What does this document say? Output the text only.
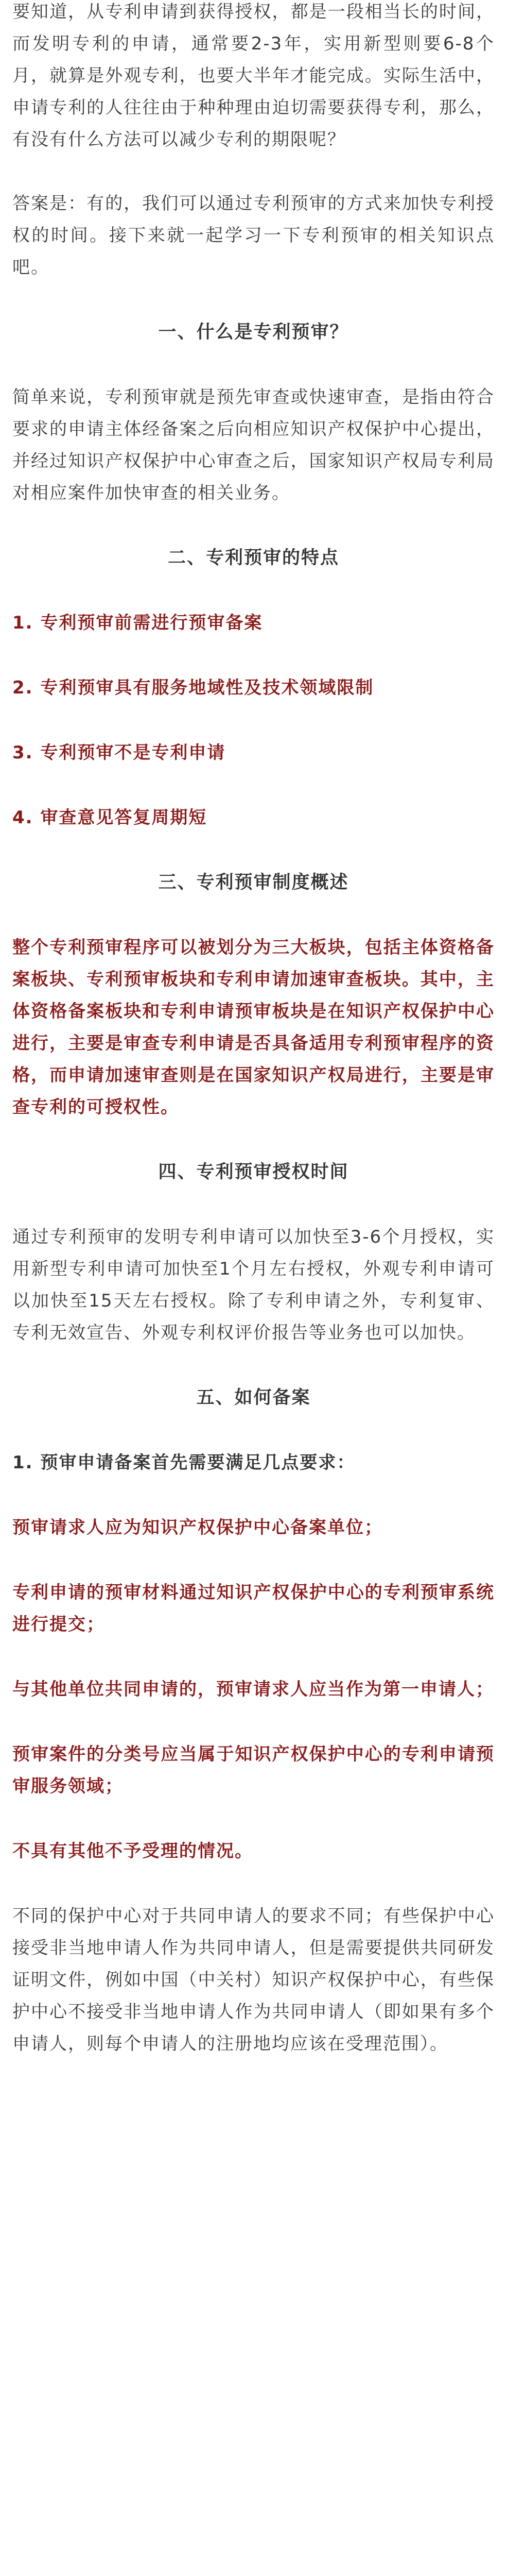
要知道，从专利申请到获得授权，都是一段相当长的时间，而发明专利的申请，通常要2-3年，实用新型则要6-8个月，就算是外观专利，也要大半年才能完成。实际生活中，申请专利的人往往由于种种理由迫切需要获得专利，那么，有没有什么方法可以减少专利的期限呢？

答案是：有的，我们可以通过专利预审的方式来加快专利授权的时间。接下来就一起学习一下专利预审的相关知识点吧。

一、什么是专利预审？

简单来说，专利预审就是预先审查或快速审查，是指由符合要求的申请主体经备案之后向相应知识产权保护中心提出，并经过知识产权保护中心审查之后，国家知识产权局专利局对相应案件加快审查的相关业务。

二、专利预审的特点

1. 专利预审前需进行预审备案

2. 专利预审具有服务地域性及技术领域限制

3. 专利预审不是专利申请

4. 审查意见答复周期短

三、专利预审制度概述

整个专利预审程序可以被划分为三大板块，包括主体资格备案板块、专利预审板块和专利申请加速审查板块。其中，主体资格备案板块和专利申请预审板块是在知识产权保护中心进行，主要是审查专利申请是否具备适用专利预审程序的资格，而申请加速审查则是在国家知识产权局进行，主要是审查专利的可授权性。

四、专利预审授权时间

通过专利预审的发明专利申请可以加快至3-6个月授权，实用新型专利申请可加快至1个月左右授权，外观专利申请可以加快至15天左右授权。除了专利申请之外，专利复审、专利无效宣告、外观专利权评价报告等业务也可以加快。

五、如何备案

1. 预审申请备案首先需要满足几点要求：

预审请求人应为知识产权保护中心备案单位；

专利申请的预审材料通过知识产权保护中心的专利预审系统进行提交；

与其他单位共同申请的，预审请求人应当作为第一申请人；

预审案件的分类号应当属于知识产权保护中心的专利申请预审服务领域；

不具有其他不予受理的情况。

不同的保护中心对于共同申请人的要求不同；有些保护中心接受非当地申请人作为共同申请人，但是需要提供共同研发证明文件，例如中国（中关村）知识产权保护中心，有些保护中心不接受非当地申请人作为共同申请人（即如果有多个申请人，则每个申请人的注册地均应该在受理范围）。
